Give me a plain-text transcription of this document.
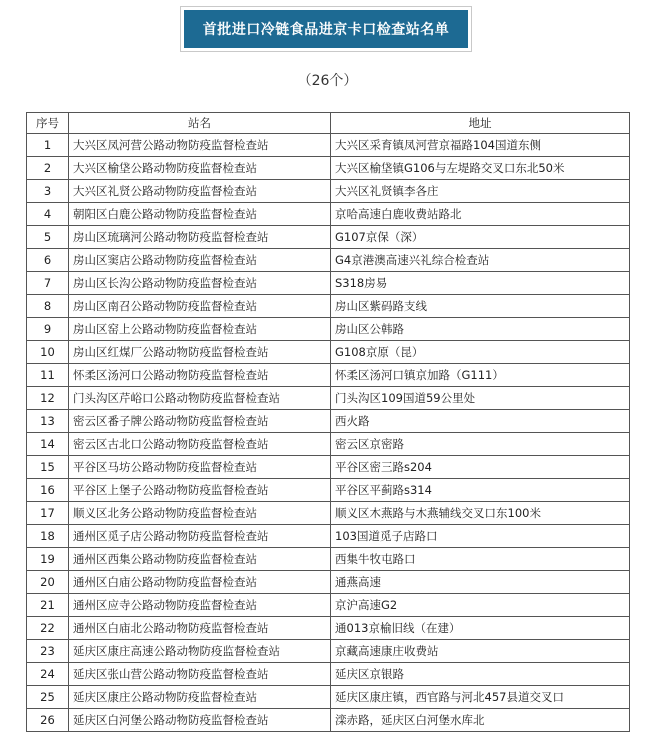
首批进口冷链食品进京卡口检查站名单
（26个）
序号	站名	地址
1	大兴区凤河营公路动物防疫监督检查站	大兴区采育镇凤河营京福路104国道东侧
2	大兴区榆垡公路动物防疫监督检查站	大兴区榆垡镇G106与左堤路交叉口东北50米
3	大兴区礼贤公路动物防疫监督检查站	大兴区礼贤镇李各庄
4	朝阳区白鹿公路动物防疫监督检查站	京哈高速白鹿收费站路北
5	房山区琉璃河公路动物防疫监督检查站	G107京保（深）
6	房山区窦店公路动物防疫监督检查站	G4京港澳高速兴礼综合检查站
7	房山区长沟公路动物防疫监督检查站	S318房易
8	房山区南召公路动物防疫监督检查站	房山区紫码路支线
9	房山区窑上公路动物防疫监督检查站	房山区公韩路
10	房山区红煤厂公路动物防疫监督检查站	G108京原（昆）
11	怀柔区汤河口公路动物防疫监督检查站	怀柔区汤河口镇京加路（G111）
12	门头沟区芹峪口公路动物防疫监督检查站	门头沟区109国道59公里处
13	密云区番子牌公路动物防疫监督检查站	西火路
14	密云区古北口公路动物防疫监督检查站	密云区京密路
15	平谷区马坊公路动物防疫监督检查站	平谷区密三路s204
16	平谷区上堡子公路动物防疫监督检查站	平谷区平蓟路s314
17	顺义区北务公路动物防疫监督检查站	顺义区木燕路与木燕辅线交叉口东100米
18	通州区觅子店公路动物防疫监督检查站	103国道觅子店路口
19	通州区西集公路动物防疫监督检查站	西集牛牧屯路口
20	通州区白庙公路动物防疫监督检查站	通燕高速
21	通州区应寺公路动物防疫监督检查站	京沪高速G2
22	通州区白庙北公路动物防疫监督检查站	通013京榆旧线（在建）
23	延庆区康庄高速公路动物防疫监督检查站	京藏高速康庄收费站
24	延庆区张山营公路动物防疫监督检查站	延庆区京银路
25	延庆区康庄公路动物防疫监督检查站	延庆区康庄镇，西官路与河北457县道交叉口
26	延庆区白河堡公路动物防疫监督检查站	滦赤路，延庆区白河堡水库北
